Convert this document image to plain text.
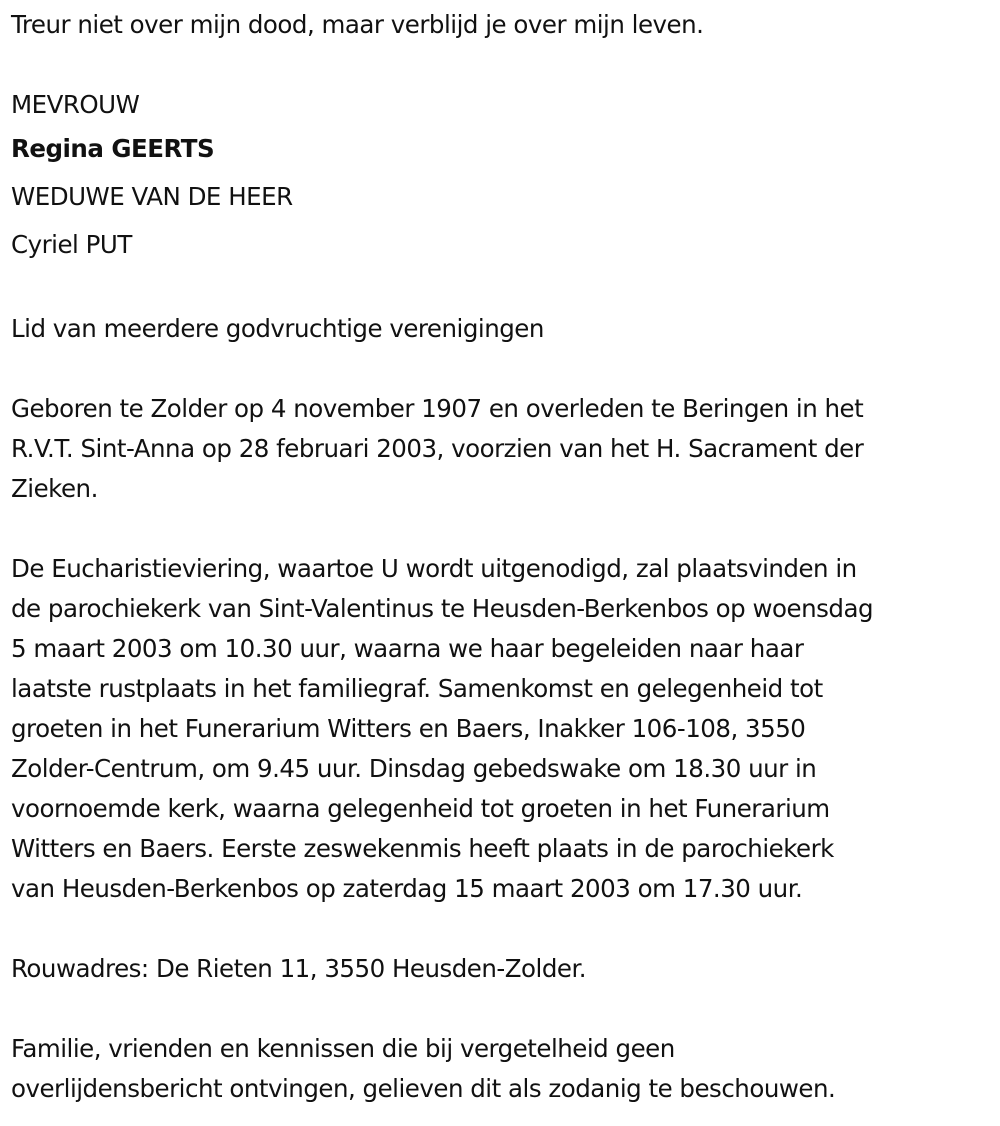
Treur niet over mijn dood, maar verblijd je over mijn leven.
MEVROUW
Regina GEERTS
WEDUWE VAN DE HEER
Cyriel PUT
Lid van meerdere godvruchtige verenigingen
Geboren te Zolder op 4 november 1907 en overleden te Beringen in het
R.V.T. Sint-Anna op 28 februari 2003, voorzien van het H. Sacrament der
Zieken.
De Eucharistieviering, waartoe U wordt uitgenodigd, zal plaatsvinden in
de parochiekerk van Sint-Valentinus te Heusden-Berkenbos op woensdag
5 maart 2003 om 10.30 uur, waarna we haar begeleiden naar haar
laatste rustplaats in het familiegraf. Samenkomst en gelegenheid tot
groeten in het Funerarium Witters en Baers, Inakker 106-108, 3550
Zolder-Centrum, om 9.45 uur. Dinsdag gebedswake om 18.30 uur in
voornoemde kerk, waarna gelegenheid tot groeten in het Funerarium
Witters en Baers. Eerste zeswekenmis heeft plaats in de parochiekerk
van Heusden-Berkenbos op zaterdag 15 maart 2003 om 17.30 uur.
Rouwadres: De Rieten 11, 3550 Heusden-Zolder.
Familie, vrienden en kennissen die bij vergetelheid geen
overlijdensbericht ontvingen, gelieven dit als zodanig te beschouwen.
